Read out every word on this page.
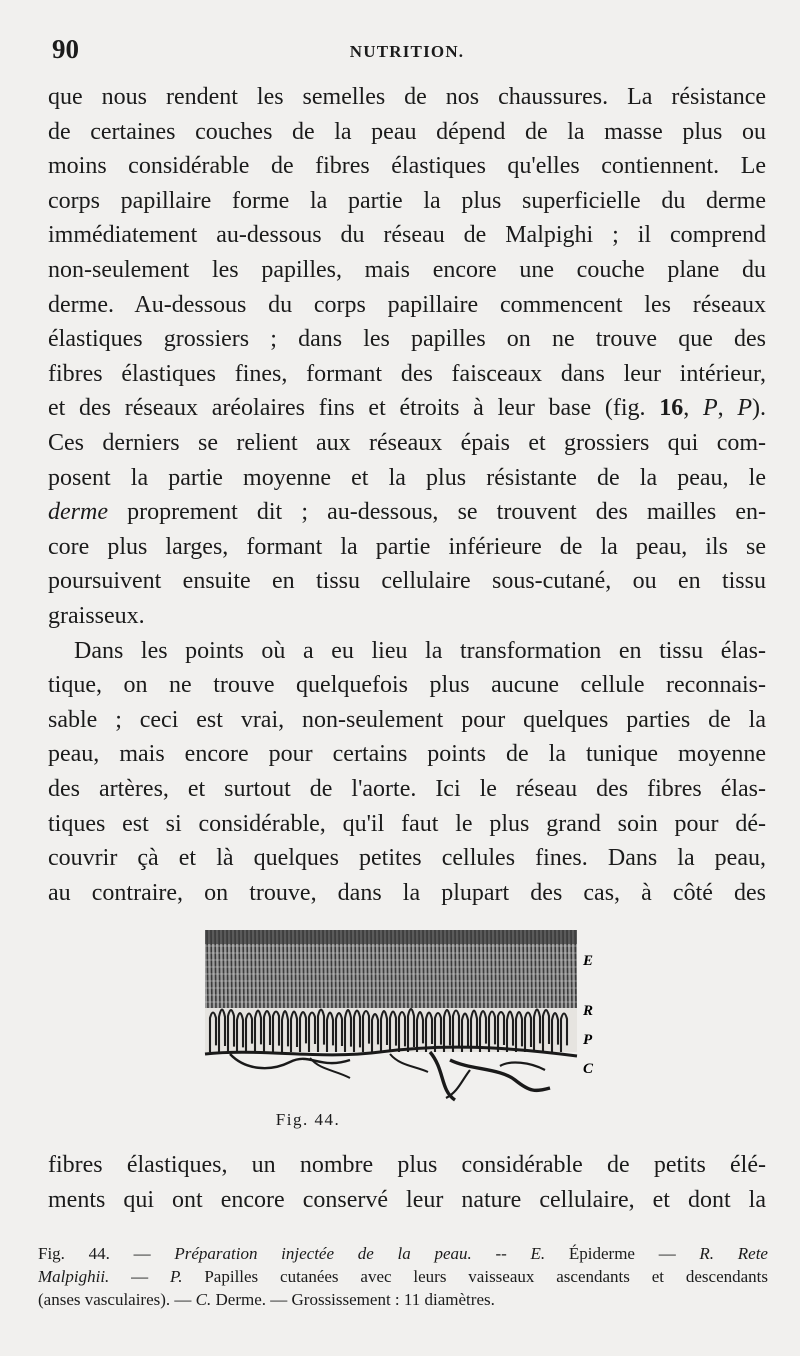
90	NUTRITION.
que nous rendent les semelles de nos chaussures. La résistance
de certaines couches de la peau dépend de la masse plus ou
moins considérable de fibres élastiques qu'elles contiennent. Le
corps papillaire forme la partie la plus superficielle du derme
immédiatement au-dessous du réseau de Malpighi ; il comprend
non-seulement les papilles, mais encore une couche plane du
derme. Au-dessous du corps papillaire commencent les réseaux
élastiques grossiers ; dans les papilles on ne trouve que des
fibres élastiques fines, formant des faisceaux dans leur intérieur,
et des réseaux aréolaires fins et étroits à leur base (fig. 16, P, P).
Ces derniers se relient aux réseaux épais et grossiers qui com-
posent la partie moyenne et la plus résistante de la peau, le
derme proprement dit ; au-dessous, se trouvent des mailles en-
core plus larges, formant la partie inférieure de la peau, ils se
poursuivent ensuite en tissu cellulaire sous-cutané, ou en tissu
graisseux.
Dans les points où a eu lieu la transformation en tissu élas-
tique, on ne trouve quelquefois plus aucune cellule reconnais-
sable ; ceci est vrai, non-seulement pour quelques parties de la
peau, mais encore pour certains points de la tunique moyenne
des artères, et surtout de l'aorte. Ici le réseau des fibres élas-
tiques est si considérable, qu'il faut le plus grand soin pour dé-
couvrir çà et là quelques petites cellules fines. Dans la peau,
au contraire, on trouve, dans la plupart des cas, à côté des
fibres élastiques, un nombre plus considérable de petits élé-
ments qui ont encore conservé leur nature cellulaire, et dont la
E
R
P
C
Fig. 44.
Fig. 44. — Préparation injectée de la peau. -- E. Épiderme — R. Rete
Malpighii. — P. Papilles cutanées avec leurs vaisseaux ascendants et descendants
(anses vasculaires). — C. Derme. — Grossissement : 11 diamètres.
